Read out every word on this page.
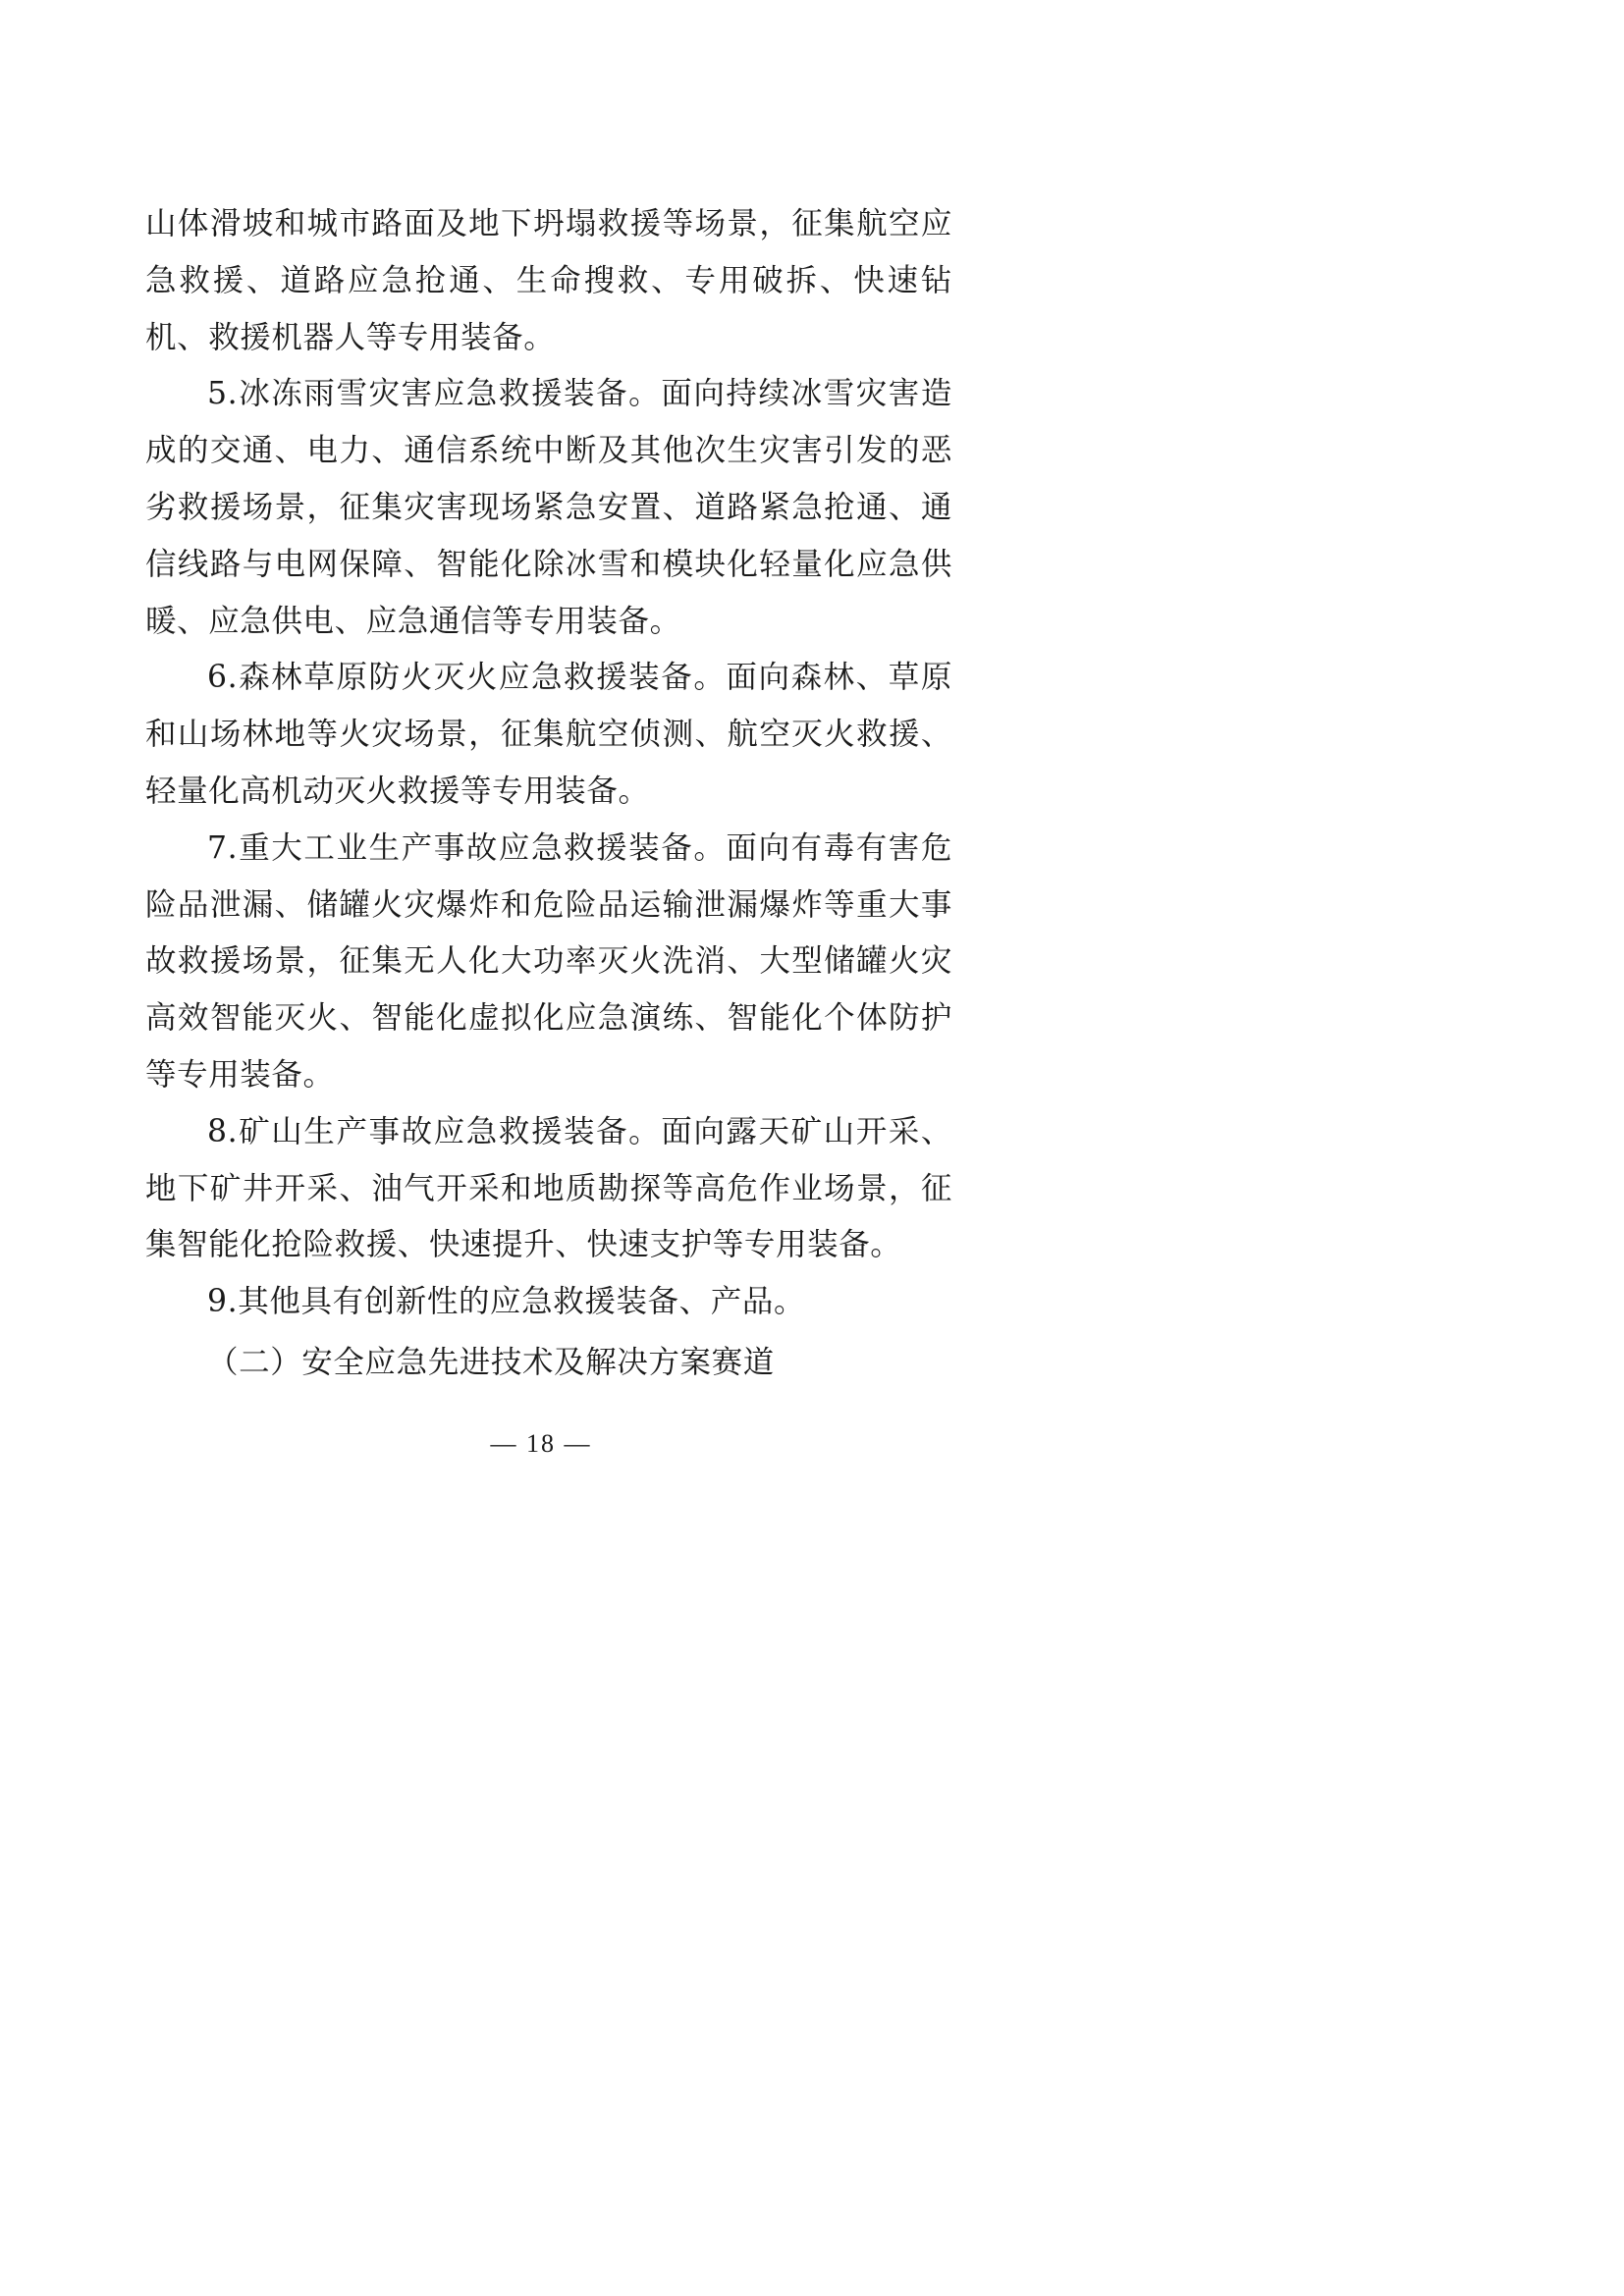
山体滑坡和城市路面及地下坍塌救援等场景，征集航空应急救援、道路应急抢通、生命搜救、专用破拆、快速钻机、救援机器人等专用装备。

5.冰冻雨雪灾害应急救援装备。面向持续冰雪灾害造成的交通、电力、通信系统中断及其他次生灾害引发的恶劣救援场景，征集灾害现场紧急安置、道路紧急抢通、通信线路与电网保障、智能化除冰雪和模块化轻量化应急供暖、应急供电、应急通信等专用装备。

6.森林草原防火灭火应急救援装备。面向森林、草原和山场林地等火灾场景，征集航空侦测、航空灭火救援、轻量化高机动灭火救援等专用装备。

7.重大工业生产事故应急救援装备。面向有毒有害危险品泄漏、储罐火灾爆炸和危险品运输泄漏爆炸等重大事故救援场景，征集无人化大功率灭火洗消、大型储罐火灾高效智能灭火、智能化虚拟化应急演练、智能化个体防护等专用装备。

8.矿山生产事故应急救援装备。面向露天矿山开采、地下矿井开采、油气开采和地质勘探等高危作业场景，征集智能化抢险救援、快速提升、快速支护等专用装备。

9.其他具有创新性的应急救援装备、产品。

（二）安全应急先进技术及解决方案赛道

— 18 —
